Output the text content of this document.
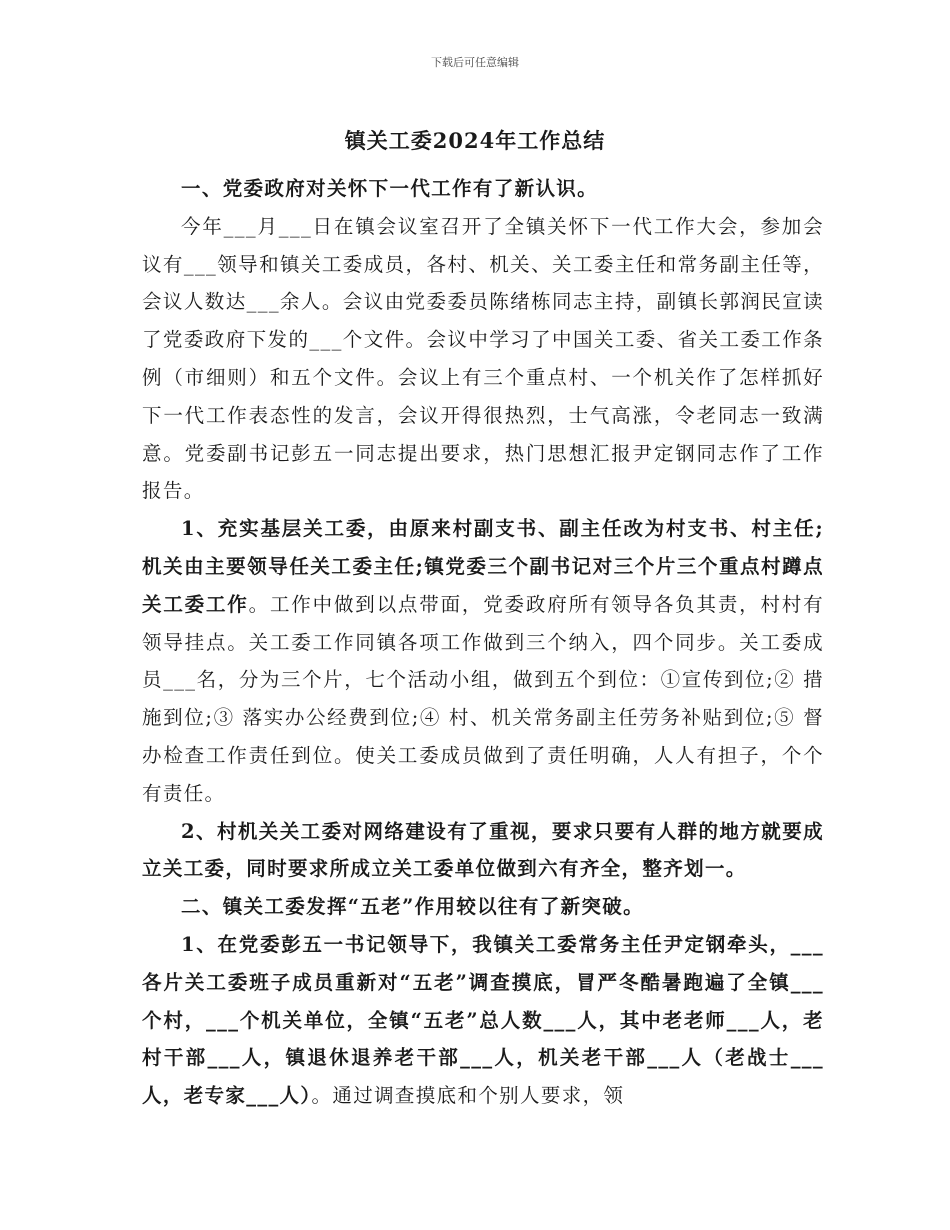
下载后可任意编辑
镇关工委2024年工作总结

一、党委政府对关怀下一代工作有了新认识。

今年___月___日在镇会议室召开了全镇关怀下一代工作大会，参加会议有___领导和镇关工委成员，各村、机关、关工委主任和常务副主任等，会议人数达___余人。会议由党委委员陈绪栋同志主持，副镇长郭润民宣读了党委政府下发的___个文件。会议中学习了中国关工委、省关工委工作条例（市细则）和五个文件。会议上有三个重点村、一个机关作了怎样抓好下一代工作表态性的发言，会议开得很热烈，士气高涨，令老同志一致满意。党委副书记彭五一同志提出要求，热门思想汇报尹定钢同志作了工作报告。

1、充实基层关工委，由原来村副支书、副主任改为村支书、村主任;机关由主要领导任关工委主任;镇党委三个副书记对三个片三个重点村蹲点关工委工作。工作中做到以点带面，党委政府所有领导各负其责，村村有领导挂点。关工委工作同镇各项工作做到三个纳入，四个同步。关工委成员___名，分为三个片，七个活动小组，做到五个到位：①宣传到位;② 措施到位;③ 落实办公经费到位;④ 村、机关常务副主任劳务补贴到位;⑤ 督办检查工作责任到位。使关工委成员做到了责任明确，人人有担子，个个有责任。

2、村机关关工委对网络建设有了重视，要求只要有人群的地方就要成立关工委，同时要求所成立关工委单位做到六有齐全，整齐划一。

二、镇关工委发挥“五老”作用较以往有了新突破。

1、在党委彭五一书记领导下，我镇关工委常务主任尹定钢牵头，___各片关工委班子成员重新对“五老”调查摸底，冒严冬酷暑跑遍了全镇___个村，___个机关单位，全镇“五老”总人数___人，其中老老师___人，老村干部___人，镇退休退养老干部___人，机关老干部___人（老战士___人，老专家___人）。通过调查摸底和个别人要求，领
